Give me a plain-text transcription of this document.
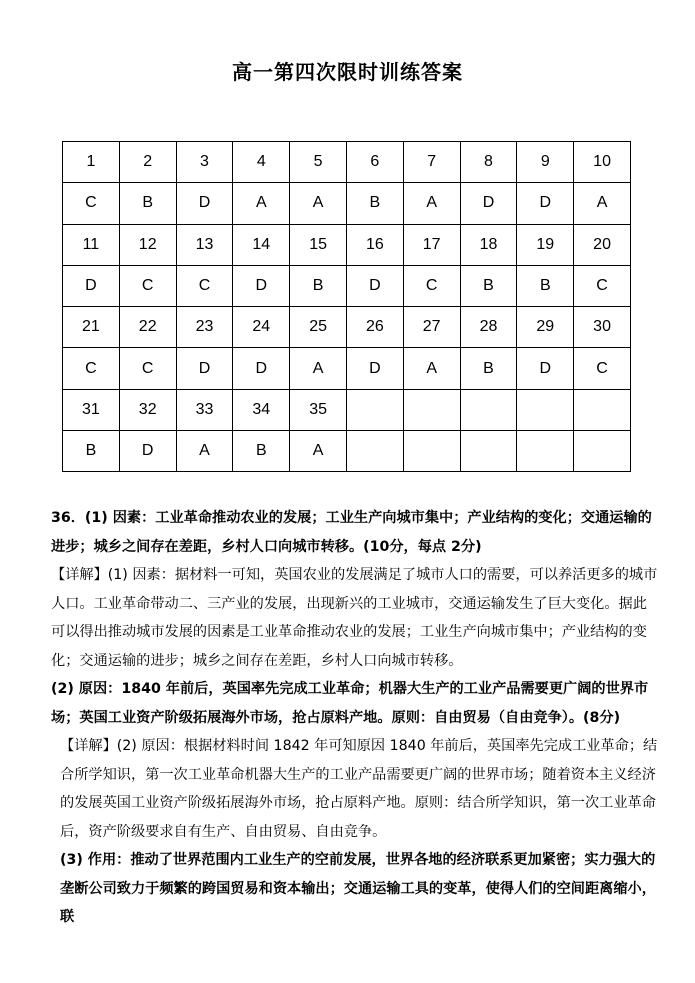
高一第四次限时训练答案
1	2	3	4	5	6	7	8	9	10
C	B	D	A	A	B	A	D	D	A
11	12	13	14	15	16	17	18	19	20
D	C	C	D	B	D	C	B	B	C
21	22	23	24	25	26	27	28	29	30
C	C	D	D	A	D	A	B	D	C
31	32	33	34	35					
B	D	A	B	A					

36．(1) 因素：工业革命推动农业的发展；工业生产向城市集中；产业结构的变化；交通运输的进步；城乡之间存在差距，乡村人口向城市转移。(10分，每点 2分)

【详解】(1) 因素：据材料一可知，英国农业的发展满足了城市人口的需要，可以养活更多的城市人口。工业革命带动二、三产业的发展，出现新兴的工业城市，交通运输发生了巨大变化。据此可以得出推动城市发展的因素是工业革命推动农业的发展；工业生产向城市集中；产业结构的变化；交通运输的进步；城乡之间存在差距，乡村人口向城市转移。

(2) 原因：1840 年前后，英国率先完成工业革命；机器大生产的工业产品需要更广阔的世界市场；英国工业资产阶级拓展海外市场，抢占原料产地。原则：自由贸易（自由竞争）。(8分)

【详解】(2) 原因：根据材料时间 1842 年可知原因 1840 年前后，英国率先完成工业革命；结合所学知识，第一次工业革命机器大生产的工业产品需要更广阔的世界市场；随着资本主义经济的发展英国工业资产阶级拓展海外市场，抢占原料产地。原则：结合所学知识，第一次工业革命后，资产阶级要求自有生产、自由贸易、自由竞争。

(3) 作用：推动了世界范围内工业生产的空前发展，世界各地的经济联系更加紧密；实力强大的垄断公司致力于频繁的跨国贸易和资本输出；交通运输工具的变革，使得人们的空间距离缩小，联
